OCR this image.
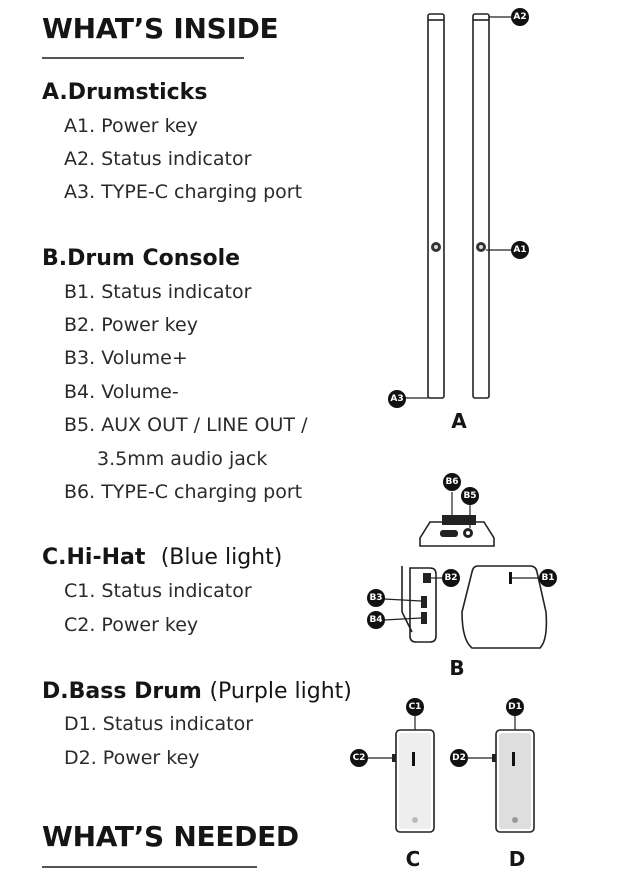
WHAT’S INSIDE
A.Drumsticks
A1. Power key
A2. Status indicator
A3. TYPE-C charging port
B.Drum Console
B1. Status indicator
B2. Power key
B3. Volume+
B4. Volume-
B5. AUX OUT / LINE OUT /
3.5mm audio jack
B6. TYPE-C charging port
C.Hi-Hat (Blue light)
C1. Status indicator
C2. Power key
D.Bass Drum (Purple light)
D1. Status indicator
D2. Power key
WHAT’S NEEDED
A2
A1
A3
A
B6
B5
B2	B1
B3
B4
B
C1
C2
C
D1
D2
D
